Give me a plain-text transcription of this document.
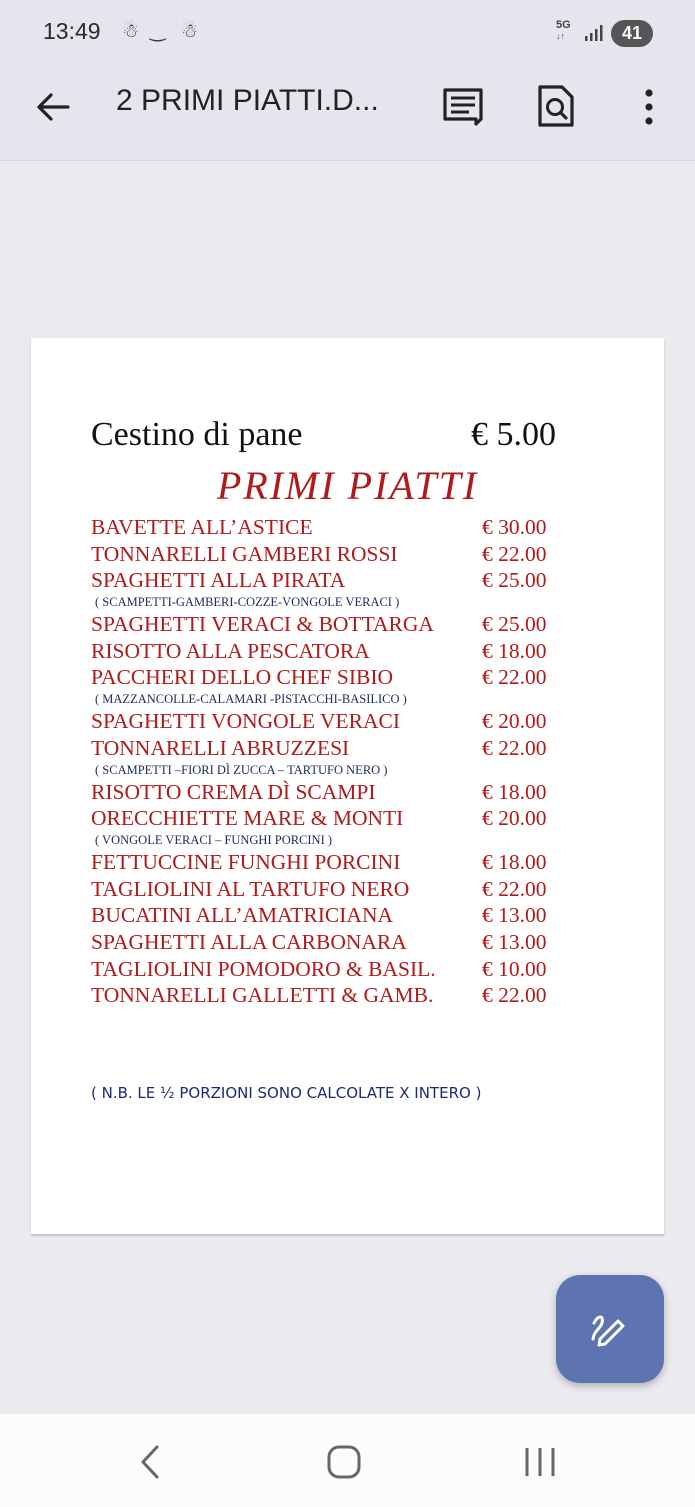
13:49 ☃ ‿ ☃	5G
↓↑	41
2 PRIMI PIATTI.D...
Cestino di pane	€ 5.00
PRIMI PIATTI
BAVETTE ALL’ASTICE	€ 30.00
TONNARELLI GAMBERI ROSSI	€ 22.00
SPAGHETTI ALLA PIRATA	€ 25.00
( SCAMPETTI-GAMBERI-COZZE-VONGOLE VERACI )
SPAGHETTI VERACI & BOTTARGA € 25.00
RISOTTO ALLA PESCATORA	€ 18.00
PACCHERI DELLO CHEF SIBIO	€ 22.00
( MAZZANCOLLE-CALAMARI -PISTACCHI-BASILICO )
SPAGHETTI VONGOLE VERACI	€ 20.00
TONNARELLI ABRUZZESI	€ 22.00
( SCAMPETTI –FIORI DÌ ZUCCA – TARTUFO NERO )
RISOTTO CREMA DÌ SCAMPI	€ 18.00
ORECCHIETTE MARE & MONTI	€ 20.00
( VONGOLE VERACI – FUNGHI PORCINI )
FETTUCCINE FUNGHI PORCINI	€ 18.00
TAGLIOLINI AL TARTUFO NERO	€ 22.00
BUCATINI ALL’AMATRICIANA	€ 13.00
SPAGHETTI ALLA CARBONARA	€ 13.00
TAGLIOLINI POMODORO & BASIL. € 10.00
TONNARELLI GALLETTI & GAMB. € 22.00
( N.B. LE ½ PORZIONI SONO CALCOLATE X INTERO )
